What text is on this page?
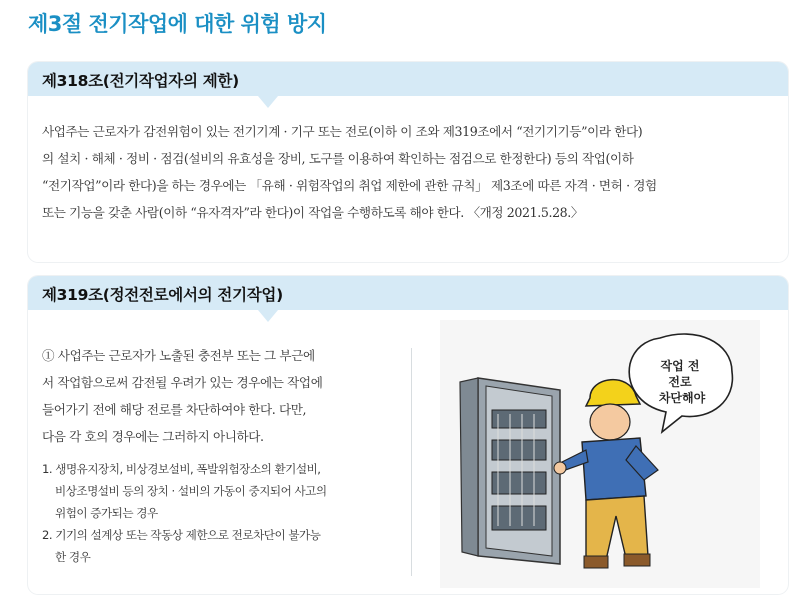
제3절 전기작업에 대한 위험 방지
제318조(전기작업자의 제한)

사업주는 근로자가 감전위험이 있는 전기기계 · 기구 또는 전로(이하 이 조와 제319조에서 “전기기기등”이라 한다)

의 설치 · 해체 · 정비 · 점검(설비의 유효성을 장비, 도구를 이용하여 확인하는 점검으로 한정한다) 등의 작업(이하

“전기작업”이라 한다)을 하는 경우에는 「유해 · 위험작업의 취업 제한에 관한 규칙」 제3조에 따른 자격 · 면허 · 경험

또는 기능을 갖춘 사람(이하 “유자격자”라 한다)이 작업을 수행하도록 해야 한다. 〈개정 2021.5.28.〉

제319조(정전전로에서의 전기작업)

① 사업주는 근로자가 노출된 충전부 또는 그 부근에

서 작업함으로써 감전될 우려가 있는 경우에는 작업에

들어가기 전에 해당 전로를 차단하여야 한다. 다만,

다음 각 호의 경우에는 그러하지 아니하다.

1. 생명유지장치, 비상경보설비, 폭발위험장소의 환기설비,

비상조명설비 등의 장치 · 설비의 가동이 중지되어 사고의

위험이 증가되는 경우

2. 기기의 설계상 또는 작동상 제한으로 전로차단이 불가능

한 경우

작업 전
전로
차단해야
